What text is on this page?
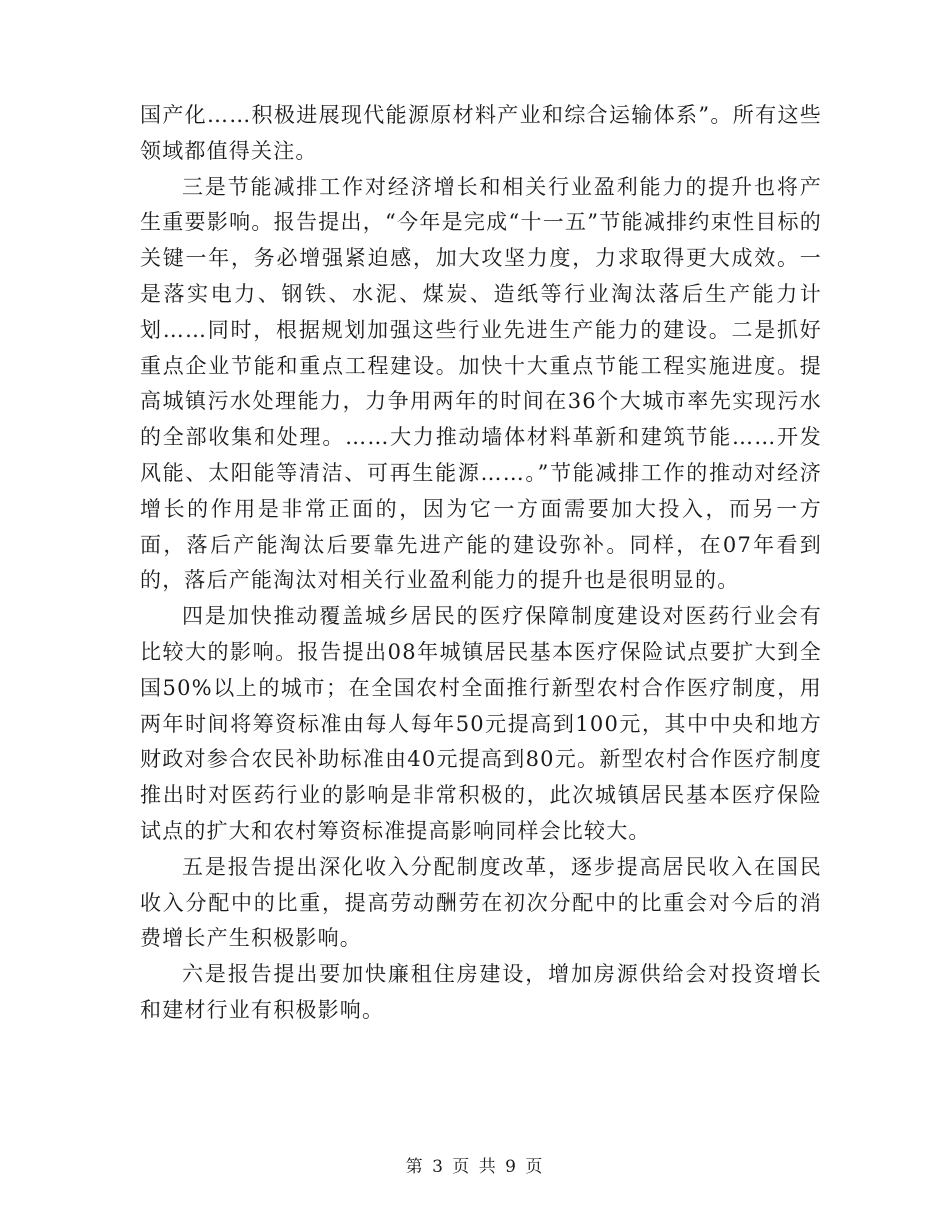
国产化……积极进展现代能源原材料产业和综合运输体系”。所有这些领域都值得关注。

三是节能减排工作对经济增长和相关行业盈利能力的提升也将产生重要影响。报告提出，“今年是完成“十一五”节能减排约束性目标的关键一年，务必增强紧迫感，加大攻坚力度，力求取得更大成效。一是落实电力、钢铁、水泥、煤炭、造纸等行业淘汰落后生产能力计划……同时，根据规划加强这些行业先进生产能力的建设。二是抓好重点企业节能和重点工程建设。加快十大重点节能工程实施进度。提高城镇污水处理能力，力争用两年的时间在36个大城市率先实现污水的全部收集和处理。……大力推动墙体材料革新和建筑节能……开发风能、太阳能等清洁、可再生能源……。”节能减排工作的推动对经济增长的作用是非常正面的，因为它一方面需要加大投入，而另一方面，落后产能淘汰后要靠先进产能的建设弥补。同样，在07年看到的，落后产能淘汰对相关行业盈利能力的提升也是很明显的。

四是加快推动覆盖城乡居民的医疗保障制度建设对医药行业会有比较大的影响。报告提出08年城镇居民基本医疗保险试点要扩大到全国50%以上的城市；在全国农村全面推行新型农村合作医疗制度，用两年时间将筹资标准由每人每年50元提高到100元，其中中央和地方财政对参合农民补助标准由40元提高到80元。新型农村合作医疗制度推出时对医药行业的影响是非常积极的，此次城镇居民基本医疗保险试点的扩大和农村筹资标准提高影响同样会比较大。

五是报告提出深化收入分配制度改革，逐步提高居民收入在国民收入分配中的比重，提高劳动酬劳在初次分配中的比重会对今后的消费增长产生积极影响。

六是报告提出要加快廉租住房建设，增加房源供给会对投资增长和建材行业有积极影响。

第 3 页 共 9 页
